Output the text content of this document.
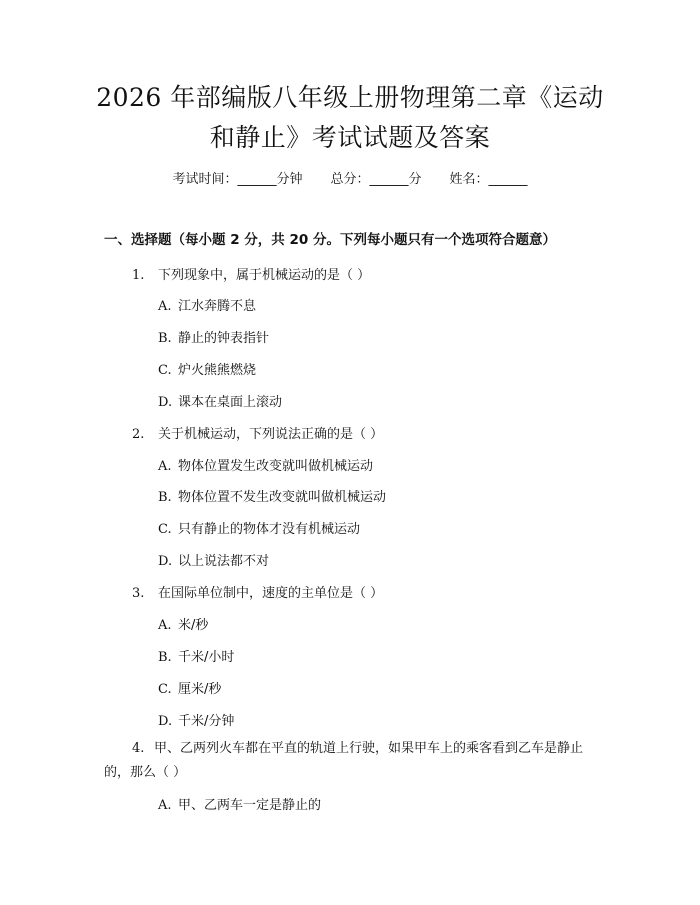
2026 年部编版八年级上册物理第二章《运动
和静止》考试试题及答案
考试时间：______分钟 总分：______分 姓名：______
一、选择题（每小题 2 分，共 20 分。下列每小题只有一个选项符合题意）
1. 下列现象中，属于机械运动的是（ ）
A. 江水奔腾不息
B. 静止的钟表指针
C. 炉火熊熊燃烧
D. 课本在桌面上滚动
2. 关于机械运动，下列说法正确的是（ ）
A. 物体位置发生改变就叫做机械运动
B. 物体位置不发生改变就叫做机械运动
C. 只有静止的物体才没有机械运动
D. 以上说法都不对
3. 在国际单位制中，速度的主单位是（ ）
A. 米/秒
B. 千米/小时
C. 厘米/秒
D. 千米/分钟
4. 甲、乙两列火车都在平直的轨道上行驶，如果甲车上的乘客看到乙车是静止的，那么（ ）
A. 甲、乙两车一定是静止的
